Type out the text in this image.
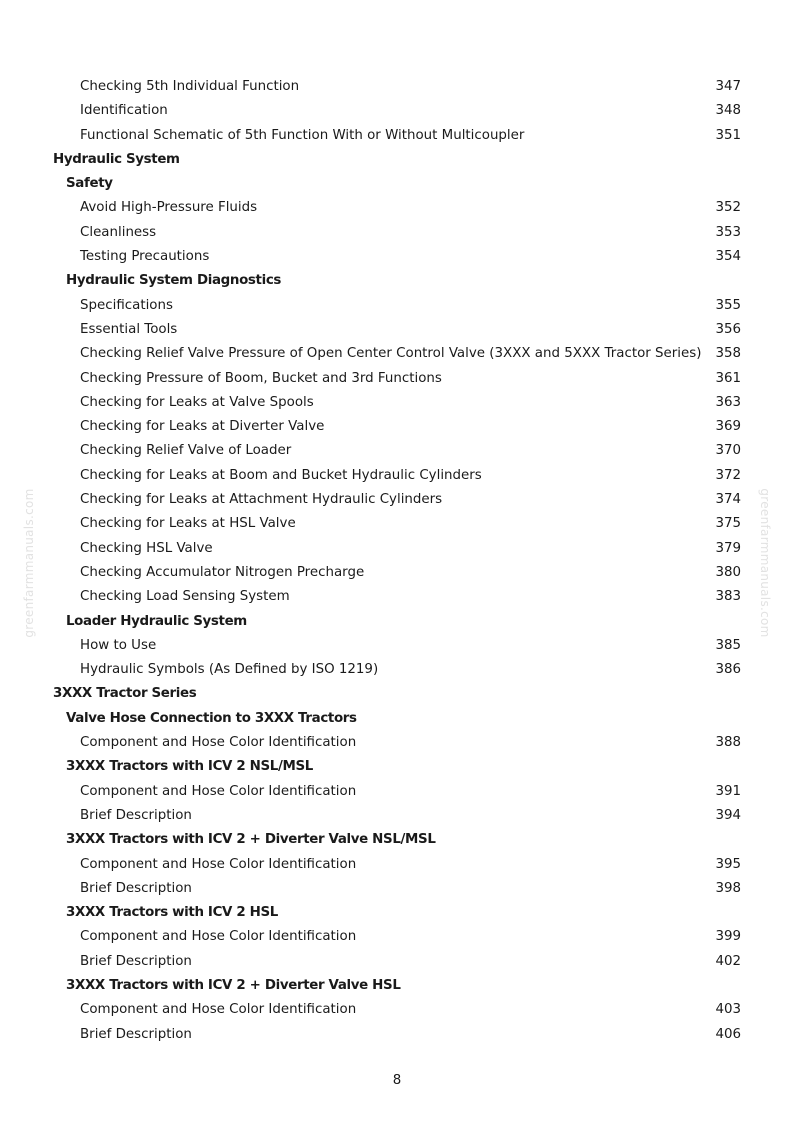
Checking 5th Individual Function	347
Identification	348
Functional Schematic of 5th Function With or Without Multicoupler	351
Hydraulic System
Safety
Avoid High-Pressure Fluids	352
Cleanliness	353
Testing Precautions	354
Hydraulic System Diagnostics
Specifications	355
Essential Tools	356
Checking Relief Valve Pressure of Open Center Control Valve (3XXX and 5XXX Tractor Series) 358
Checking Pressure of Boom, Bucket and 3rd Functions	361
Checking for Leaks at Valve Spools	363
Checking for Leaks at Diverter Valve	369
Checking Relief Valve of Loader	370
Checking for Leaks at Boom and Bucket Hydraulic Cylinders	372
Checking for Leaks at Attachment Hydraulic Cylinders	374
Checking for Leaks at HSL Valve	375
Checking HSL Valve	379
Checking Accumulator Nitrogen Precharge	380
Checking Load Sensing System	383
Loader Hydraulic System
How to Use	385
Hydraulic Symbols (As Defined by ISO 1219)	386
3XXX Tractor Series
Valve Hose Connection to 3XXX Tractors
Component and Hose Color Identification	388
3XXX Tractors with ICV 2 NSL/MSL
Component and Hose Color Identification	391
Brief Description	394
3XXX Tractors with ICV 2 + Diverter Valve NSL/MSL
Component and Hose Color Identification	395
Brief Description	398
3XXX Tractors with ICV 2 HSL
Component and Hose Color Identification	399
Brief Description	402
3XXX Tractors with ICV 2 + Diverter Valve HSL
Component and Hose Color Identification	403
Brief Description	406
8
greenfarmmanuals.com	greenfarmmanuals.com
